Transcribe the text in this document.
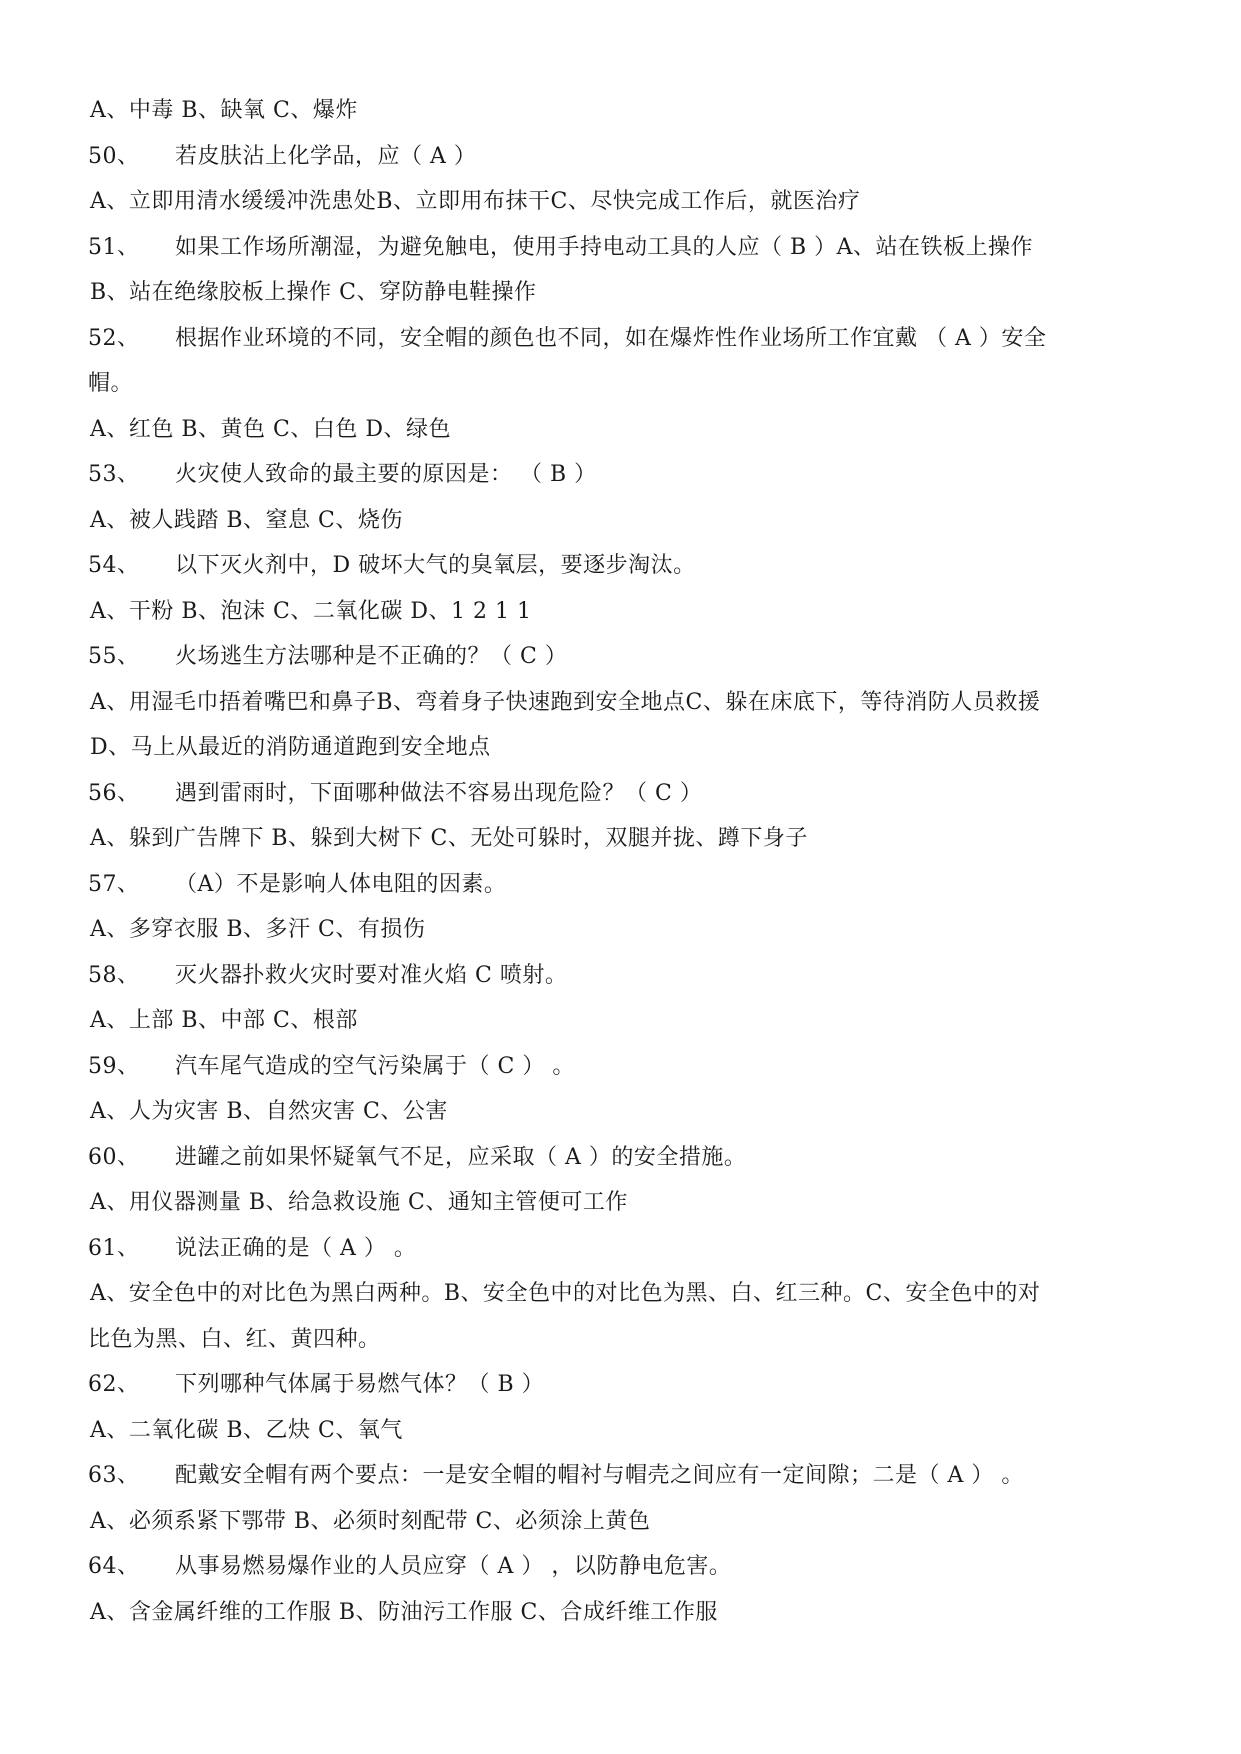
A、中毒 B、缺氧 C、爆炸
50、	若皮肤沾上化学品，应（ A ）
A、立即用清水缓缓冲洗患处B、立即用布抹干C、尽快完成工作后，就医治疗
51、	如果工作场所潮湿，为避免触电，使用手持电动工具的人应（ B ）A、站在铁板上操作
B、站在绝缘胶板上操作 C、穿防静电鞋操作
52、	根据作业环境的不同，安全帽的颜色也不同，如在爆炸性作业场所工作宜戴 （ A ）安全
帽。
A、红色 B、黄色 C、白色 D、绿色
53、	火灾使人致命的最主要的原因是： （ B ）
A、被人践踏 B、窒息 C、烧伤
54、	以下灭火剂中，D 破坏大气的臭氧层，要逐步淘汰。
A、干粉 B、泡沫 C、二氧化碳 D、1 2 1 1
55、	火场逃生方法哪种是不正确的？（ C ）
A、用湿毛巾捂着嘴巴和鼻子B、弯着身子快速跑到安全地点C、躲在床底下，等待消防人员救援
D、马上从最近的消防通道跑到安全地点
56、	遇到雷雨时，下面哪种做法不容易出现危险？（ C ）
A、躲到广告牌下 B、躲到大树下 C、无处可躲时，双腿并拢、蹲下身子
57、	（A）不是影响人体电阻的因素。
A、多穿衣服 B、多汗 C、有损伤
58、	灭火器扑救火灾时要对准火焰 C 喷射。
A、上部 B、中部 C、根部
59、	汽车尾气造成的空气污染属于（ C ） 。
A、人为灾害 B、自然灾害 C、公害
60、	进罐之前如果怀疑氧气不足，应采取（ A ）的安全措施。
A、用仪器测量 B、给急救设施 C、通知主管便可工作
61、	说法正确的是（ A ） 。
A、安全色中的对比色为黑白两种。B、安全色中的对比色为黑、白、红三种。C、安全色中的对
比色为黑、白、红、黄四种。
62、	下列哪种气体属于易燃气体？（ B ）
A、二氧化碳 B、乙炔 C、氧气
63、	配戴安全帽有两个要点：一是安全帽的帽衬与帽壳之间应有一定间隙；二是（ A ） 。
A、必须系紧下鄂带 B、必须时刻配带 C、必须涂上黄色
64、	从事易燃易爆作业的人员应穿（ A ） ，以防静电危害。
A、含金属纤维的工作服 B、防油污工作服 C、合成纤维工作服
